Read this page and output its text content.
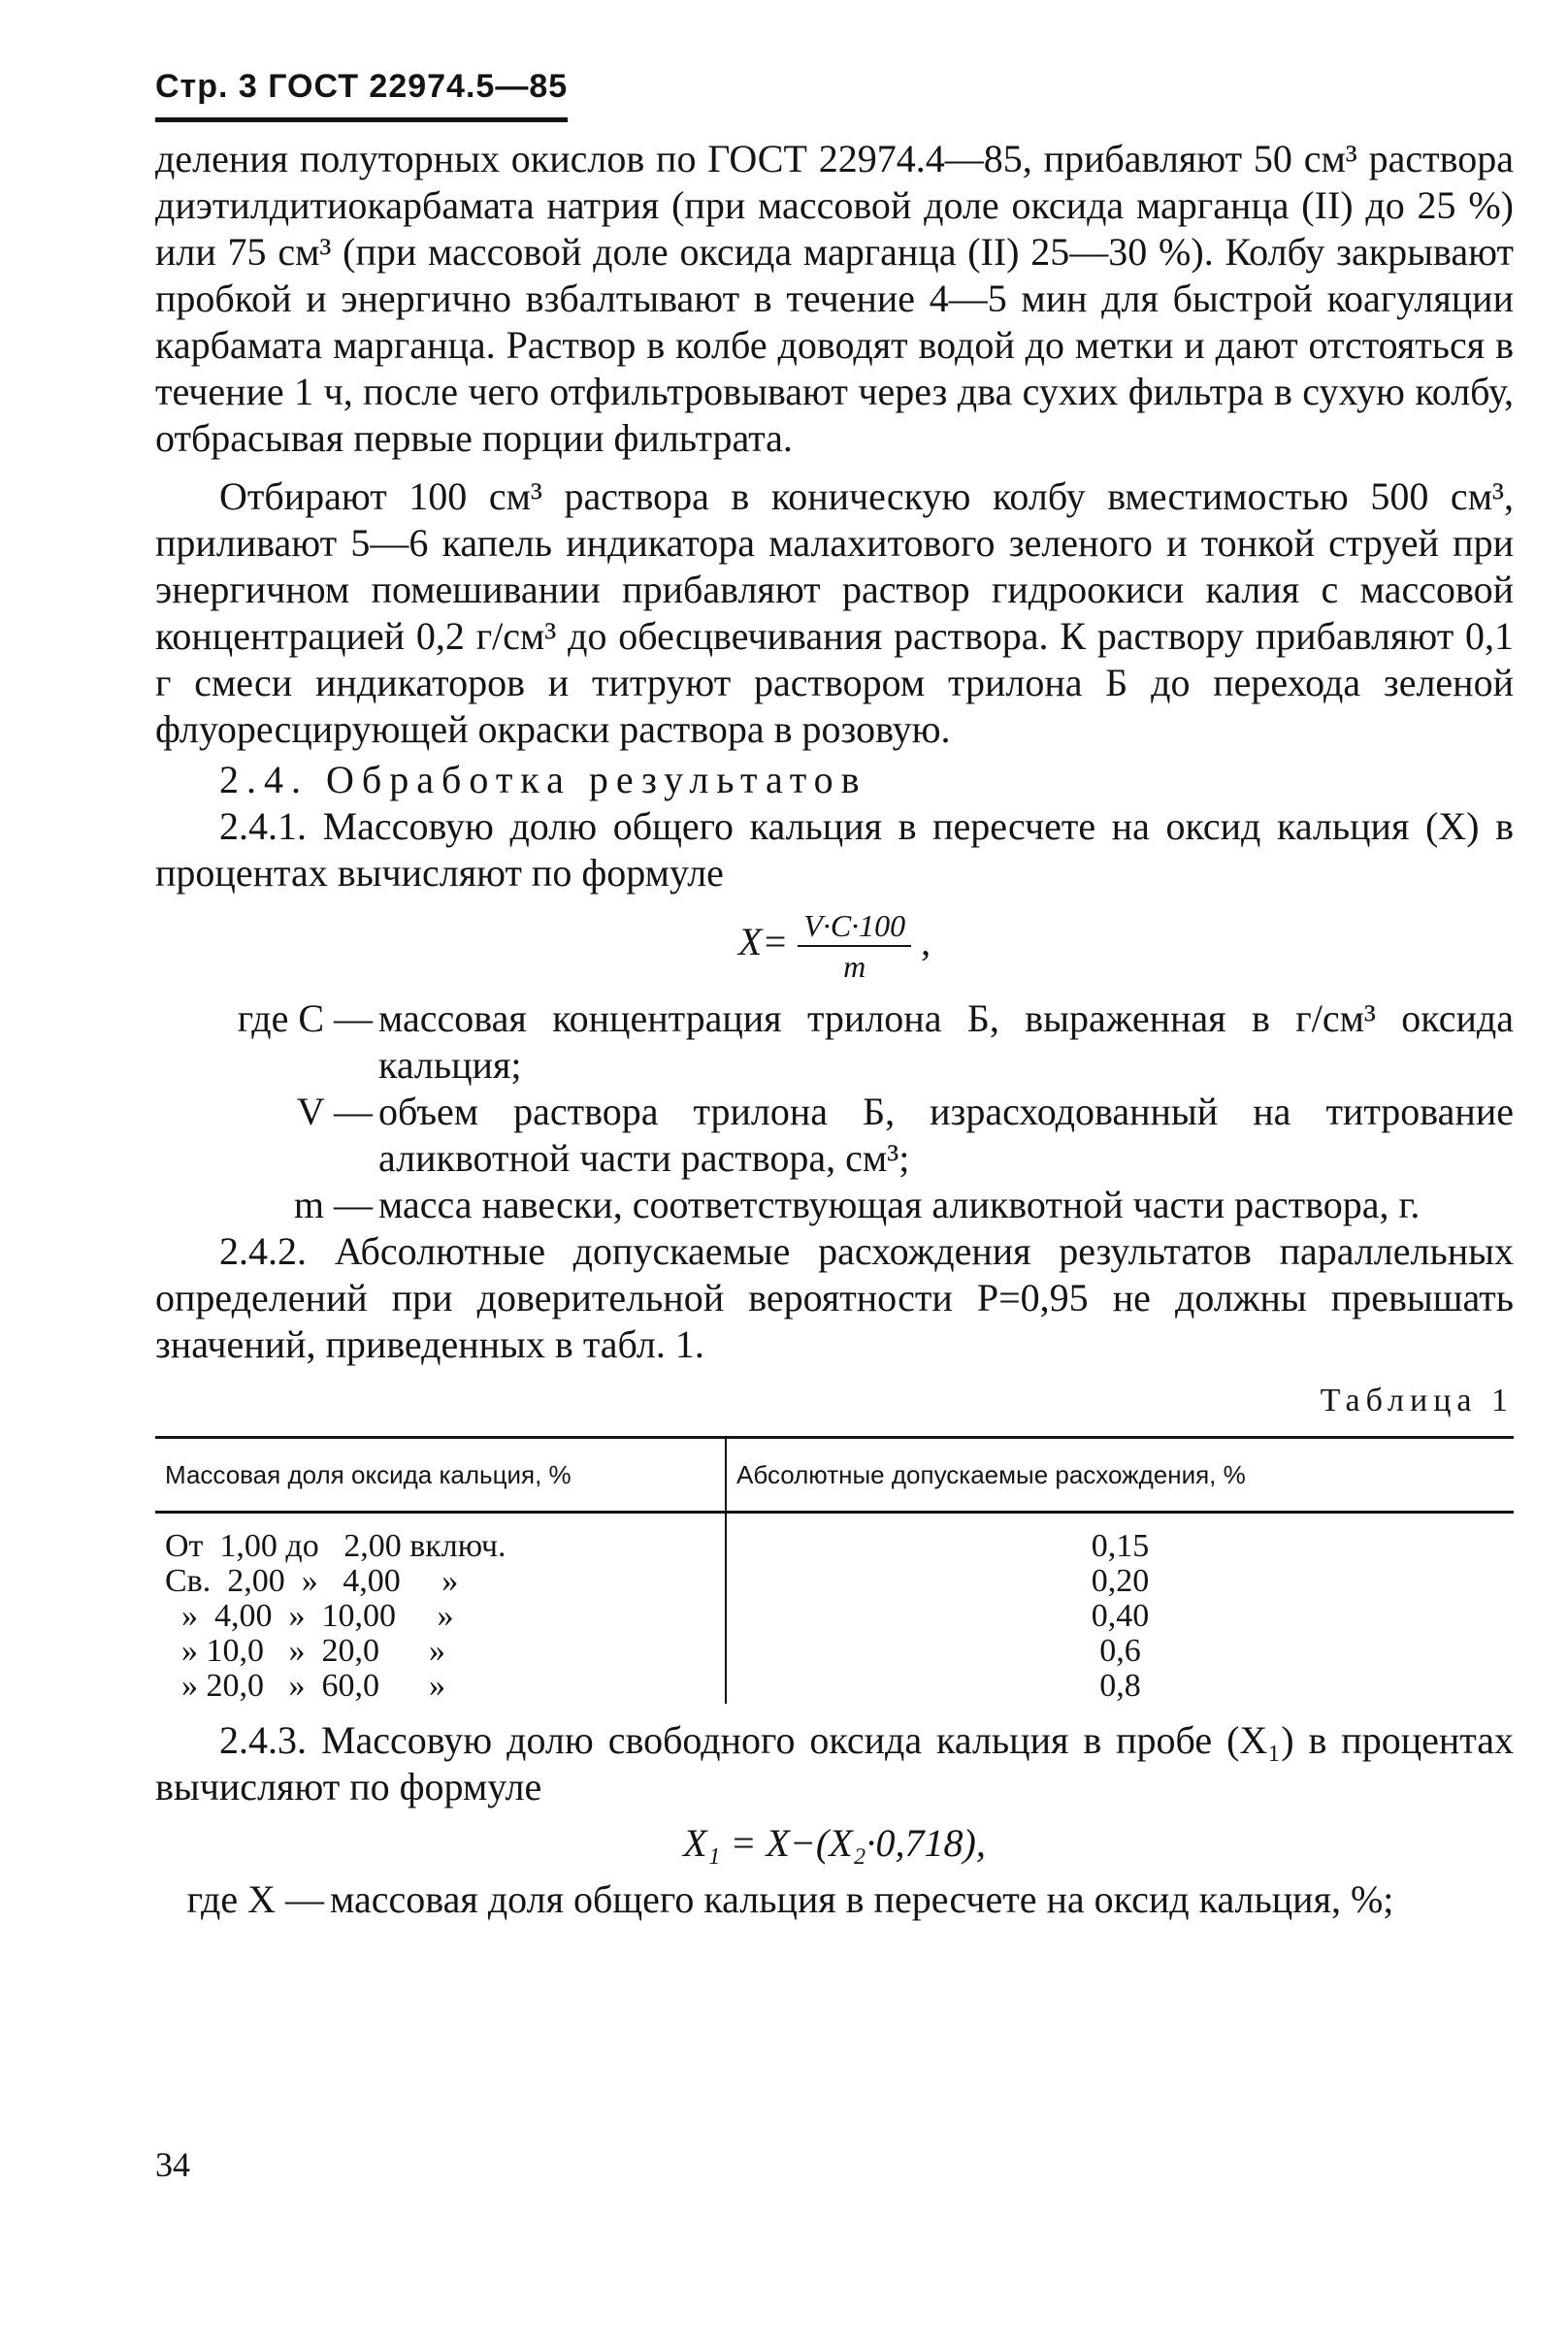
Стр. 3 ГОСТ 22974.5—85

деления полуторных окислов по ГОСТ 22974.4—85, прибавляют 50 см³ раствора диэтилдитиокарбамата натрия (при массовой доле оксида марганца (II) до 25 %) или 75 см³ (при массовой доле оксида марганца (II) 25—30 %). Колбу закрывают пробкой и энергично взбалтывают в течение 4—5 мин для быстрой коагуляции карбамата марганца. Раствор в колбе доводят водой до метки и дают отстояться в течение 1 ч, после чего отфильтровывают через два сухих фильтра в сухую колбу, отбрасывая первые порции фильтрата.

Отбирают 100 см³ раствора в коническую колбу вместимостью 500 см³, приливают 5—6 капель индикатора малахитового зеленого и тонкой струей при энергичном помешивании прибавляют раствор гидроокиси калия с массовой концентрацией 0,2 г/см³ до обесцвечивания раствора. К раствору прибавляют 0,1 г смеси индикаторов и титруют раствором трилона Б до перехода зеленой флуоресцирующей окраски раствора в розовую.

2.4. Обработка результатов

2.4.1. Массовую долю общего кальция в пересчете на оксид кальция (X) в процентах вычисляют по формуле

$X= \frac{V\cdot C\cdot 100}{m}$ ,
где C — массовая концентрация трилона Б, выраженная в г/см³ оксида кальция;
V — объем раствора трилона Б, израсходованный на титрование аликвотной части раствора, см³;
m — масса навески, соответствующая аликвотной части раствора, г.

2.4.2. Абсолютные допускаемые расхождения результатов параллельных определений при доверительной вероятности P=0,95 не должны превышать значений, приведенных в табл. 1.

Таблица 1
Массовая доля оксида кальция, %	Абсолютные допускаемые расхождения, %
От  1,00 до   2,00 включ.	0,15
Св.  2,00  »   4,00     »	0,20
»  4,00  »  10,00     »	0,40
» 10,0   »  20,0      »	0,6
» 20,0   »  60,0      »	0,8

2.4.3. Массовую долю свободного оксида кальция в пробе (X₁) в процентах вычисляют по формуле

X₁ = X−(X₂·0,718),
где X — массовая доля общего кальция в пересчете на оксид кальция, %;
34
